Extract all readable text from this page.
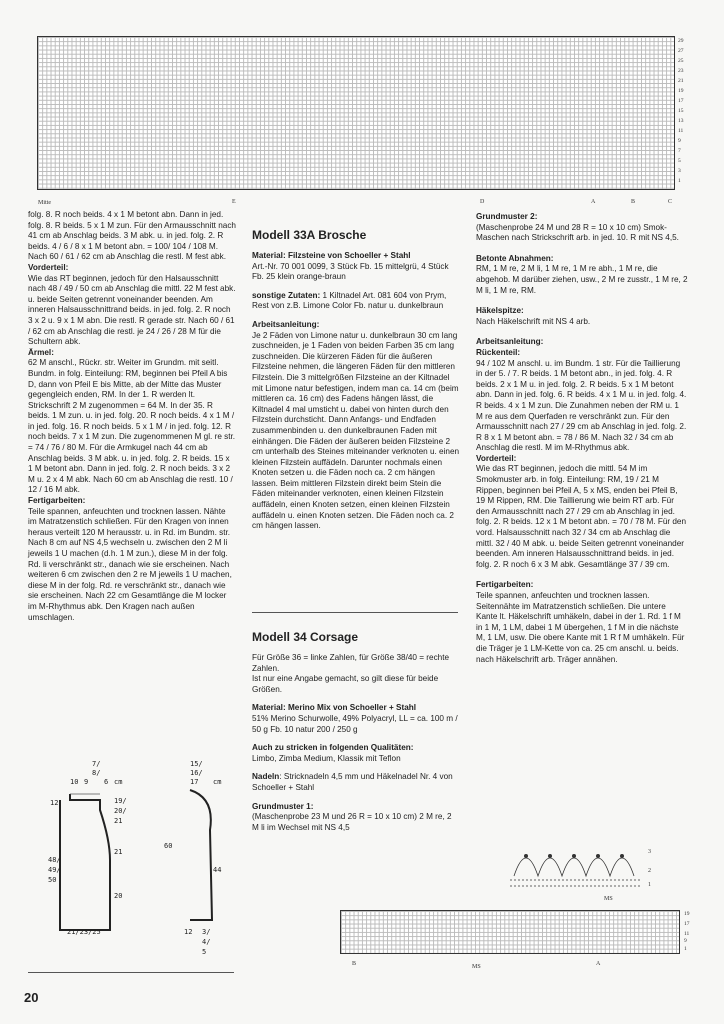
29
27
25
23
21
19
17
15
13
11
9
7
5
3
1
Mitte	E	D	A	B	C

folg. 8. R noch beids. 4 x 1 M betont abn. Dann in jed. folg. 8. R beids. 5 x 1 M zun. Für den Armausschnitt nach 41 cm ab Anschlag beids. 3 M abk. u. in jed. folg. 2. R beids. 4 / 6 / 8 x 1 M betont abn. = 100/ 104 / 108 M. Nach 60 / 61 / 62 cm ab Anschlag die restl. M fest abk.

Vorderteil:

Wie das RT beginnen, jedoch für den Halsausschnitt nach 48 / 49 / 50 cm ab Anschlag die mittl. 22 M fest abk. u. beide Seiten getrennt voneinander beenden. Am inneren Halsausschnittrand beids. in jed. folg. 2. R noch 3 x 2 u. 9 x 1 M abn. Die restl. R gerade str. Nach 60 / 61 / 62 cm ab Anschlag die restl. je 24 / 26 / 28 M für die Schultern abk.

Ärmel:

62 M anschl., Rückr. str. Weiter im Grundm. mit seitl. Bundm. in folg. Einteilung: RM, beginnen bei Pfeil A bis D, dann von Pfeil E bis Mitte, ab der Mitte das Muster gegengleich enden, RM. In der 1. R werden lt. Strickschrift 2 M zugenommen = 64 M. In der 35. R beids. 1 M zun. u. in jed. folg. 20. R noch beids. 4 x 1 M / in jed. folg. 16. R noch beids. 5 x 1 M / in jed. folg. 12. R noch beids. 7 x 1 M zun. Die zugenommenen M gl. re str. = 74 / 76 / 80 M. Für die Armkugel nach 44 cm ab Anschlag beids. 3 M abk. u. in jed. folg. 2. R beids. 15 x 1 M betont abn. Dann in jed. folg. 2. R noch beids. 3 x 2 M u. 2 x 4 M abk. Nach 60 cm ab Anschlag die restl. 10 / 12 / 16 M abk.

Fertigarbeiten:

Teile spannen, anfeuchten und trocknen lassen. Nähte im Matratzenstich schließen. Für den Kragen von innen heraus verteilt 120 M herausstr. u. in Rd. im Bundm. str. Nach 8 cm auf NS 4,5 wechseln u. zwischen den 2 M li jeweils 1 U machen (d.h. 1 M zun.), diese M in der folg. Rd. li verschränkt str., danach wie sie erscheinen. Nach weiteren 6 cm zwischen den 2 re M jeweils 1 U machen, diese M in der folg. Rd. re verschränkt str., danach wie sie erscheinen. Nach 22 cm Gesamtlänge die M locker im M-Rhythmus abk. Den Kragen nach außen umschlagen.

7/
8/
10 9 6 cm
12	19/
20/
21
21
48/
49/
50
20
21/23/25
15/
16/
17 cm
60
44
12 3/
4/
5

Modell 33A Brosche

Material: Filzsteine von Schoeller + Stahl

Art.-Nr. 70 001 0099, 3 Stück Fb. 15 mittelgrü, 4 Stück Fb. 25 klein orange-braun

sonstige Zutaten: 1 Kiltnadel Art. 081 604 von Prym, Rest von z.B. Limone Color Fb. natur u. dunkelbraun

Arbeitsanleitung:

Je 2 Fäden von Limone natur u. dunkelbraun 30 cm lang zuschneiden, je 1 Faden von beiden Farben 35 cm lang zuschneiden. Die kürzeren Fäden für die äußeren Filzsteine nehmen, die längeren Fäden für den mittleren Filzstein. Die 3 mittelgrößen Filzsteine an der Kiltnadel mit Limone natur befestigen, indem man ca. 14 cm (beim mittleren ca. 16 cm) des Fadens hängen lässt, die Kiltnadel 4 mal umsticht u. dabei von hinten durch den Filzstein durchsticht. Dann Anfangs- und Endfaden zusammenbinden u. den dunkelbraunen Faden mit einhängen. Die Fäden der äußeren beiden Filzsteine 2 cm unterhalb des Steines miteinander verknoten u. einen kleinen Filzstein auffädeln. Darunter nochmals einen Knoten setzen u. die Fäden noch ca. 2 cm hängen lassen. Beim mittleren Filzstein direkt beim Stein die Fäden miteinander verknoten, einen kleinen Filzstein auffädeln, einen Knoten setzen, einen kleinen Filzstein auffädeln u. einen Knoten setzen. Die Fäden noch ca. 2 cm hängen lassen.

Modell 34 Corsage

Für Größe 36 = linke Zahlen, für Größe 38/40 = rechte Zahlen.

Ist nur eine Angabe gemacht, so gilt diese für beide Größen.

Material: Merino Mix von Schoeller + Stahl

51% Merino Schurwolle, 49% Polyacryl, LL = ca. 100 m / 50 g Fb. 10 natur 200 / 250 g

Auch zu stricken in folgenden Qualitäten:

Limbo, Zimba Medium, Klassik mit Teflon

Nadeln: Stricknadeln 4,5 mm und Häkelnadel Nr. 4 von Schoeller + Stahl

Grundmuster 1:

(Maschenprobe 23 M und 26 R = 10 x 10 cm) 2 M re, 2 M li im Wechsel mit NS 4,5

Grundmuster 2:

(Maschenprobe 24 M und 28 R = 10 x 10 cm) Smok-Maschen nach Strickschrift arb. in jed. 10. R mit NS 4,5.

Betonte Abnahmen:

RM, 1 M re, 2 M li, 1 M re, 1 M re abh., 1 M re, die abgehob. M darüber ziehen, usw., 2 M re zusstr., 1 M re, 2 M li, 1 M re, RM.

Häkelspitze:

Nach Häkelschrift mit NS 4 arb.

Arbeitsanleitung:

Rückenteil:

94 / 102 M anschl. u. im Bundm. 1 str. Für die Taillierung in der 5. / 7. R beids. 1 M betont abn., in jed. folg. 4. R beids. 2 x 1 M u. in jed. folg. 2. R beids. 5 x 1 M betont abn. Dann in jed. folg. 6. R beids. 4 x 1 M u. in jed. folg. 4. R beids. 4 x 1 M zun. Die Zunahmen neben der RM u. 1 M re aus dem Querfaden re verschränkt zun. Für den Armausschnitt nach 27 / 29 cm ab Anschlag in jed. folg. 2. R 8 x 1 M betont abn. = 78 / 86 M. Nach 32 / 34 cm ab Anschlag die restl. M im M-Rhythmus abk.

Vorderteil:

Wie das RT beginnen, jedoch die mittl. 54 M im Smokmuster arb. in folg. Einteilung: RM, 19 / 21 M Rippen, beginnen bei Pfeil A, 5 x MS, enden bei Pfeil B, 19 M Rippen, RM. Die Taillierung wie beim RT arb. Für den Armausschnitt nach 27 / 29 cm ab Anschlag in jed. folg. 2. R beids. 12 x 1 M betont abn. = 70 / 78 M. Für den vord. Halsausschnitt nach 32 / 34 cm ab Anschlag die mittl. 32 / 40 M abk. u. beide Seiten getrennt voneinander beenden. Am inneren Halsausschnittrand beids. in jed. folg. 2. R noch 6 x 3 M abk. Gesamtlänge 37 / 39 cm.

Fertigarbeiten:

Teile spannen, anfeuchten und trocknen lassen. Seitennähte im Matratzenstich schließen. Die untere Kante lt. Häkelschrift umhäkeln, dabei in der 1. Rd. 1 f M in 1 M, 1 LM, dabei 1 M übergehen, 1 f M in die nächste M, 1 LM, usw. Die obere Kante mit 1 R f M umhäkeln. Für die Träger je 1 LM-Kette von ca. 25 cm anschl. u. beids. nach Häkelschrift arb. Träger annähen.

3
2
1
MS
19
17
11
9
1
B	MS	A
20
